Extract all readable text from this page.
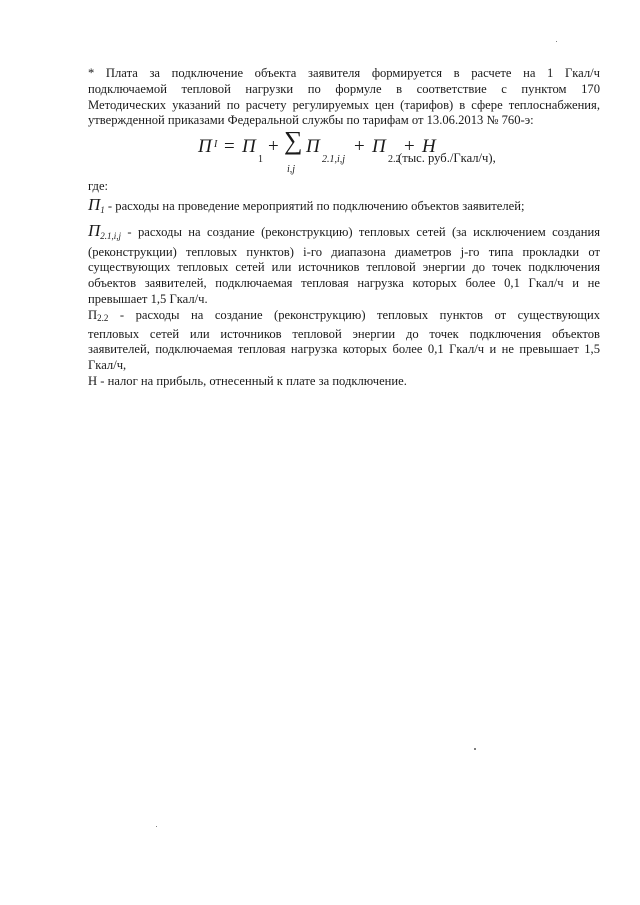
* Плата за подключение объекта заявителя формируется в расчете на 1 Гкал/ч
подключаемой тепловой нагрузки по формуле в соответствие с пунктом 170
Методических указаний по расчету регулируемых цен (тарифов) в сфере теплоснабжения,
утвержденной приказами Федеральной службы по тарифам от 13.06.2013 № 760-э:
П I = П
1
+ ∑
i,j
П
2.1,i,j
+ П
2.2
+ Н
(тыс. руб./Гкал/ч),
где:
$П_1$ - расходы на проведение мероприятий по подключению объектов заявителей;
$П_{2.1,i,j}$ - расходы на создание (реконструкцию) тепловых сетей (за исключением создания
(реконструкции) тепловых пунктов) i-го диапазона диаметров j-го типа прокладки от
существующих тепловых сетей или источников тепловой энергии до точек подключения
объектов заявителей, подключаемая тепловая нагрузка которых более 0,1 Гкал/ч и не
превышает 1,5 Гкал/ч.
П2.2 - расходы на создание (реконструкцию) тепловых пунктов от существующих
тепловых сетей или источников тепловой энергии до точек подключения объектов
заявителей, подключаемая тепловая нагрузка которых более 0,1 Гкал/ч и не превышает 1,5
Гкал/ч,
Н - налог на прибыль, отнесенный к плате за подключение.
